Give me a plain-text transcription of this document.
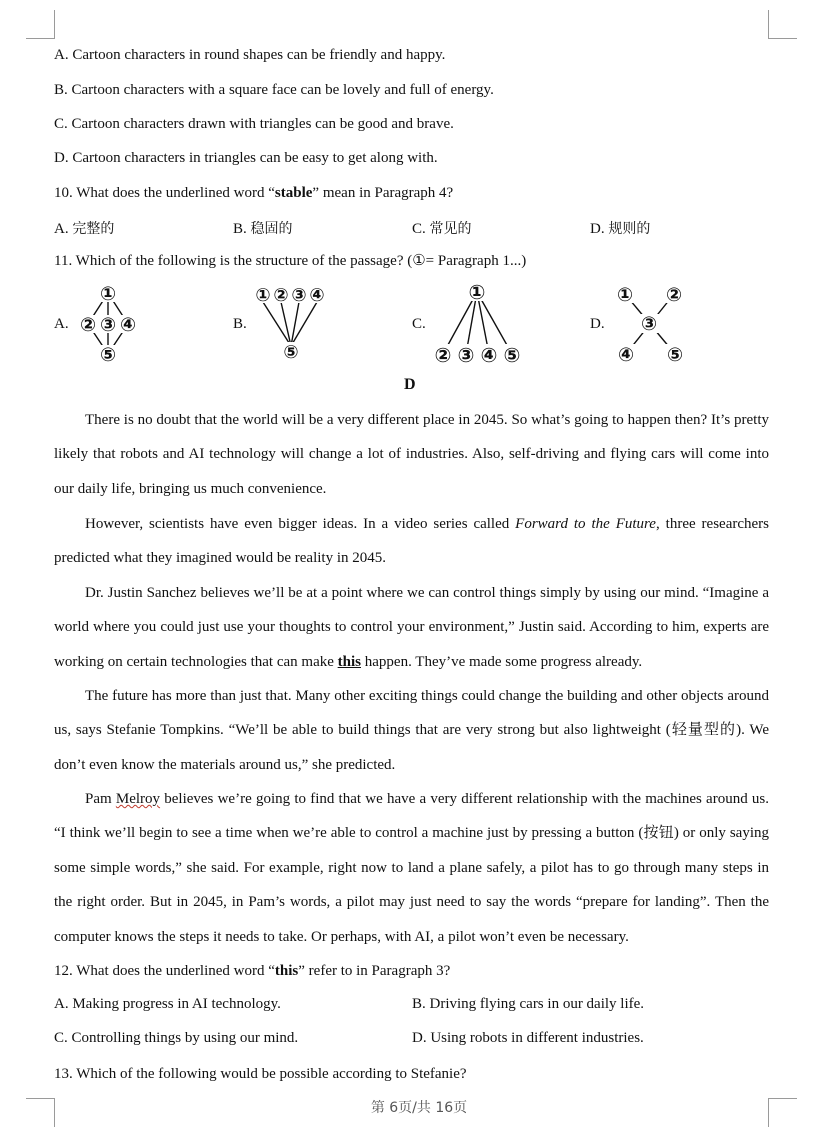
A. Cartoon characters in round shapes can be friendly and happy.
B. Cartoon characters with a square face can be lovely and full of energy.
C. Cartoon characters drawn with triangles can be good and brave.
D. Cartoon characters in triangles can be easy to get along with.
10. What does the underlined word “stable” mean in Paragraph 4?
A. 完整的	B. 稳固的	C. 常见的	D. 规则的
11. Which of the following is the structure of the passage? (①= Paragraph 1...)
A.	B.	C.	D.
①
② ③ ④
⑤
① ② ③ ④
⑤
①
② ③ ④ ⑤
① ②
③
④ ⑤
D
There is no doubt that the world will be a very different place in 2045. So what’s going to happen then? It’s pretty likely that robots and AI technology will change a lot of industries. Also, self-driving and flying cars will come into our daily life, bringing us much convenience.
However, scientists have even bigger ideas. In a video series called Forward to the Future, three researchers predicted what they imagined would be reality in 2045.
Dr. Justin Sanchez believes we’ll be at a point where we can control things simply by using our mind. “Imagine a world where you could just use your thoughts to control your environment,” Justin said. According to him, experts are working on certain technologies that can make this happen. They’ve made some progress already.
The future has more than just that. Many other exciting things could change the building and other objects around us, says Stefanie Tompkins. “We’ll be able to build things that are very strong but also lightweight (轻量型的). We don’t even know the materials around us,” she predicted.
Pam Melroy believes we’re going to find that we have a very different relationship with the machines around us. “I think we’ll begin to see a time when we’re able to control a machine just by pressing a button (按钮) or only saying some simple words,” she said. For example, right now to land a plane safely, a pilot has to go through many steps in the right order. But in 2045, in Pam’s words, a pilot may just need to say the words “prepare for landing”. Then the computer knows the steps it needs to take. Or perhaps, with AI, a pilot won’t even be necessary.
12. What does the underlined word “this” refer to in Paragraph 3?
A. Making progress in AI technology.	B. Driving flying cars in our daily life.
C. Controlling things by using our mind.	D. Using robots in different industries.
13. Which of the following would be possible according to Stefanie?
第 6页/共 16页
